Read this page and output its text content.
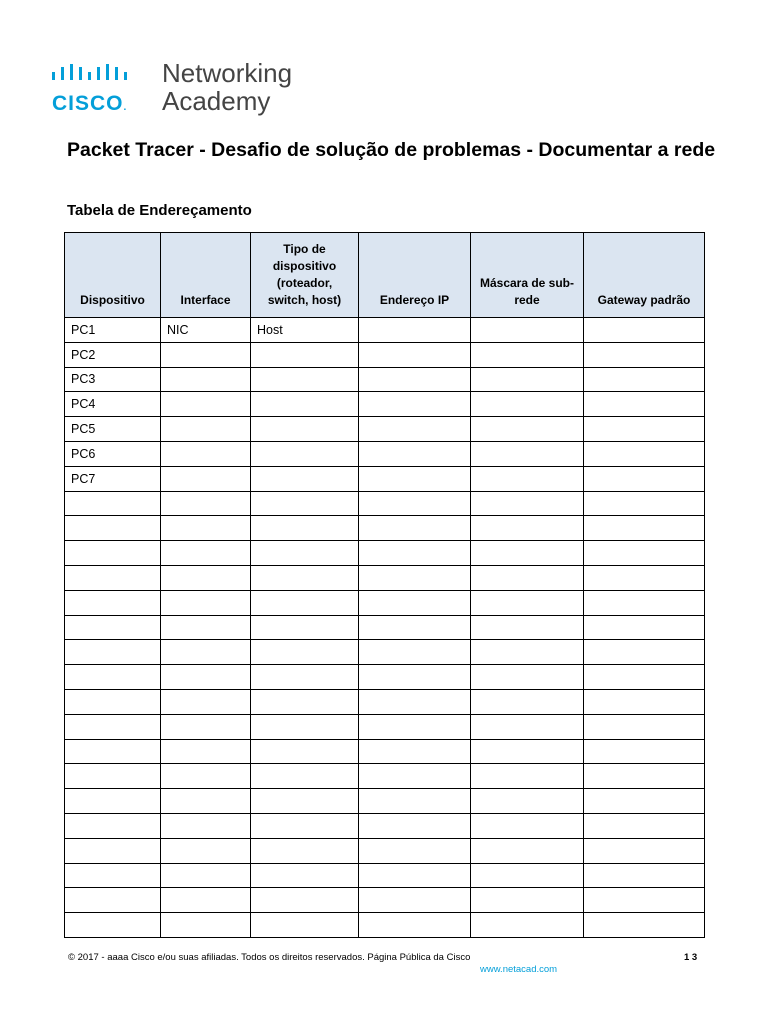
CISCO.
Networking
Academy
Packet Tracer - Desafio de solução de problemas - Documentar a rede
Tabela de Endereçamento
Dispositivo	Interface	Tipo de dispositivo (roteador, switch, host)	Endereço IP	Máscara de sub-rede	Gateway padrão
PC1	NIC	Host			
PC2					
PC3					
PC4					
PC5					
PC6					
PC7					

© 2017 - aaaa Cisco e/ou suas afiliadas. Todos os direitos reservados. Página Pública da Cisco	1 3
www.netacad.com
